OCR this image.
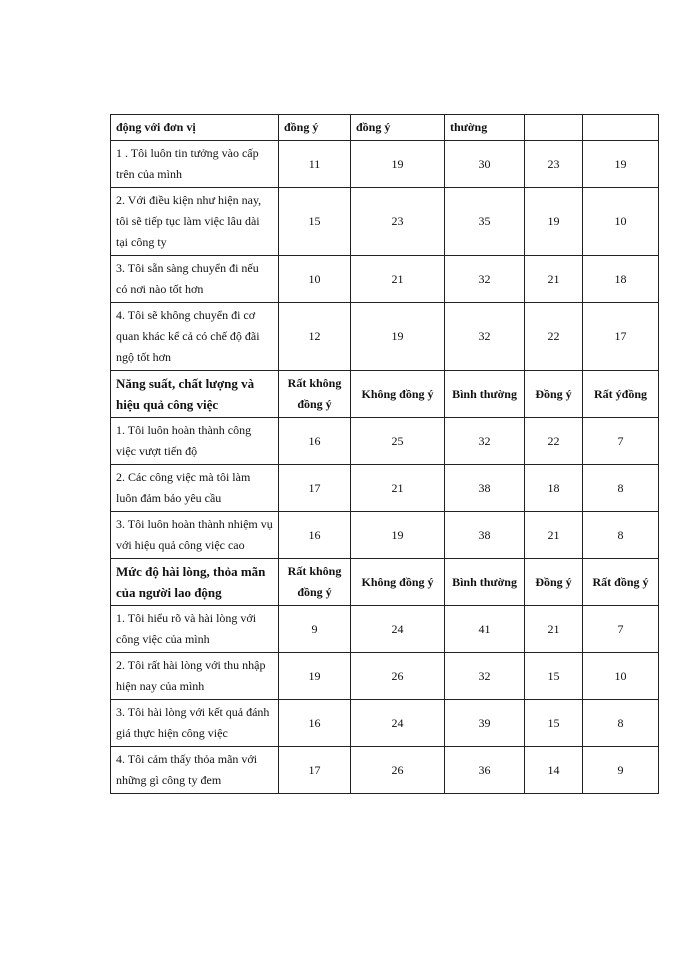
động với đơn vị	đồng ý	đồng ý	thường		
1 . Tôi luôn tin tưởng vào cấp trên của mình	11	19	30	23	19
2. Với điều kiện như hiện nay, tôi sẽ tiếp tục làm việc lâu dài tại công ty	15	23	35	19	10
3. Tôi sẵn sàng chuyển đi nếu có nơi nào tốt hơn	10	21	32	21	18
4. Tôi sẽ không chuyển đi cơ quan khác kể cả có chế độ đãi ngộ tốt hơn	12	19	32	22	17
Năng suất, chất lượng và hiệu quả công việc	Rất không đồng ý	Không đồng ý	Bình thường	Đồng ý	Rất ýđồng
1. Tôi luôn hoàn thành công việc vượt tiến độ	16	25	32	22	7
2. Các công việc mà tôi làm luôn đảm bảo yêu cầu	17	21	38	18	8
3. Tôi luôn hoàn thành nhiệm vụ với hiệu quả công việc cao	16	19	38	21	8
Mức độ hài lòng, thỏa mãn của người lao động	Rất không đồng ý	Không đồng ý	Bình thường	Đồng ý	Rất đồng ý
1. Tôi hiểu rõ và hài lòng với công việc của mình	9	24	41	21	7
2. Tôi rất hài lòng với thu nhập hiện nay của mình	19	26	32	15	10
3. Tôi hài lòng với kết quả đánh giá thực hiện công việc	16	24	39	15	8
4. Tôi cảm thấy thỏa mãn với những gì công ty đem	17	26	36	14	9
